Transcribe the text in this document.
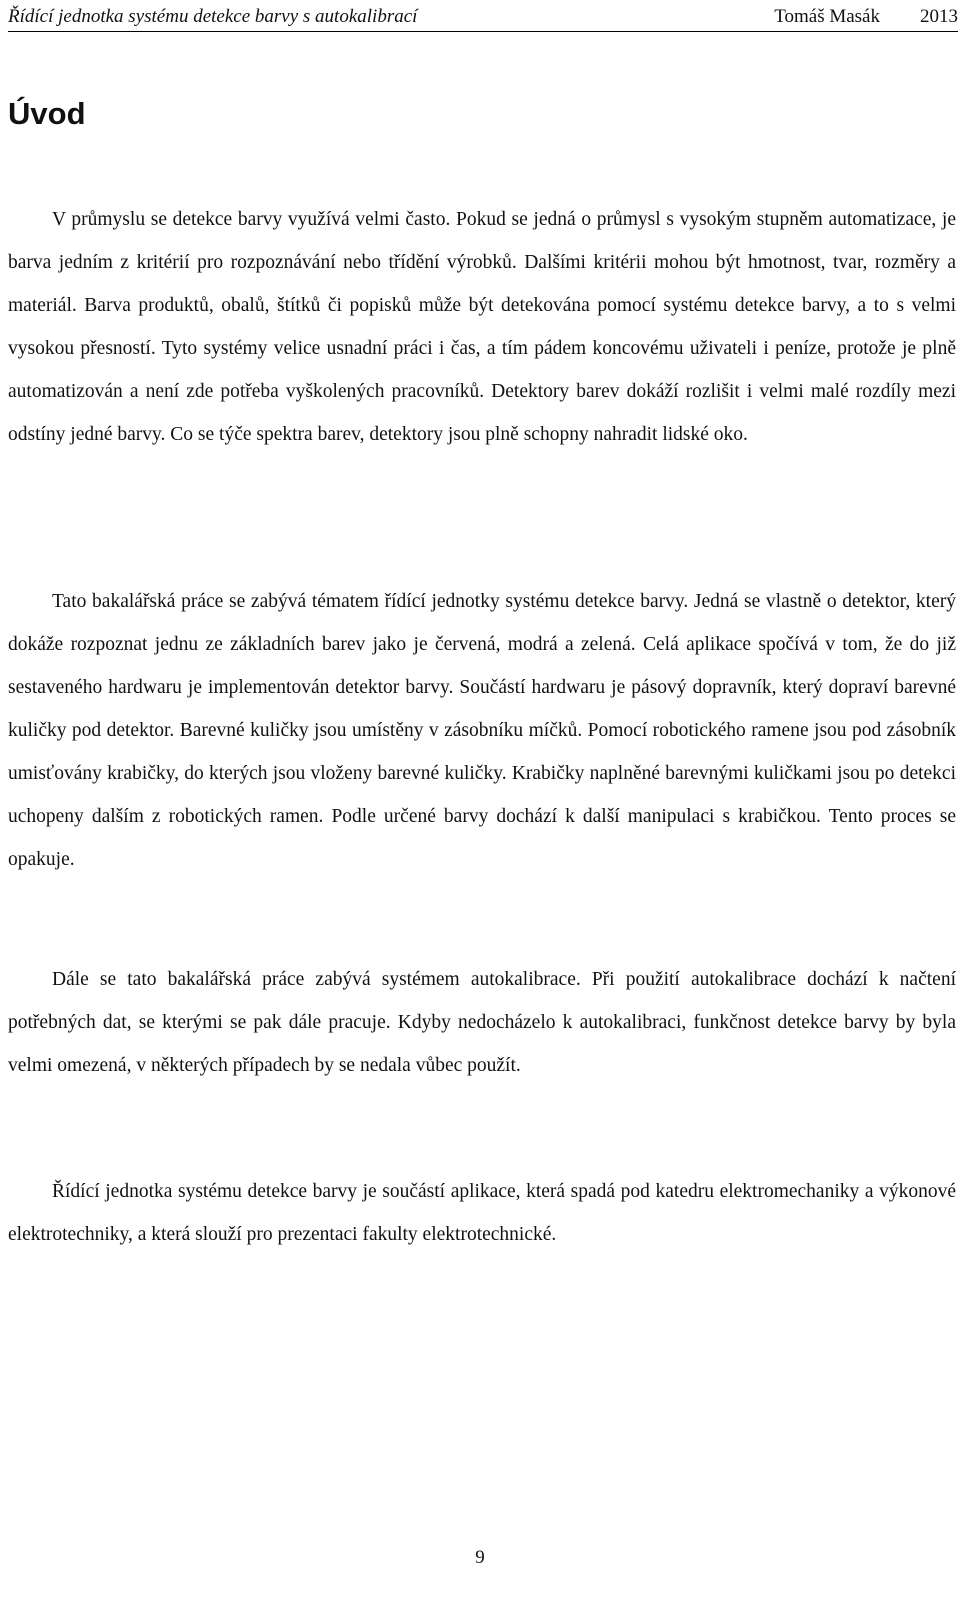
Řídící jednotka systému detekce barvy s autokalibrací	Tomáš Masák 2013
Úvod

V průmyslu se detekce barvy využívá velmi často. Pokud se jedná o průmysl s vysokým stupněm automatizace, je barva jedním z kritérií pro rozpoznávání nebo třídění výrobků. Dalšími kritérii mohou být hmotnost, tvar, rozměry a materiál. Barva produktů, obalů, štítků či popisků může být detekována pomocí systému detekce barvy, a to s velmi vysokou přesností. Tyto systémy velice usnadní práci i čas, a tím pádem koncovému uživateli i peníze, protože je plně automatizován a není zde potřeba vyškolených pracovníků. Detektory barev dokáží rozlišit i velmi malé rozdíly mezi odstíny jedné barvy. Co se týče spektra barev, detektory jsou plně schopny nahradit lidské oko.

Tato bakalářská práce se zabývá tématem řídící jednotky systému detekce barvy. Jedná se vlastně o detektor, který dokáže rozpoznat jednu ze základních barev jako je červená, modrá a zelená. Celá aplikace spočívá v tom, že do již sestaveného hardwaru je implementován detektor barvy. Součástí hardwaru je pásový dopravník, který dopraví barevné kuličky pod detektor. Barevné kuličky jsou umístěny v zásobníku míčků. Pomocí robotického ramene jsou pod zásobník umisťovány krabičky, do kterých jsou vloženy barevné kuličky. Krabičky naplněné barevnými kuličkami jsou po detekci uchopeny dalším z robotických ramen. Podle určené barvy dochází k další manipulaci s krabičkou. Tento proces se opakuje.

Dále se tato bakalářská práce zabývá systémem autokalibrace. Při použití autokalibrace dochází k načtení potřebných dat, se kterými se pak dále pracuje. Kdyby nedocházelo k autokalibraci, funkčnost detekce barvy by byla velmi omezená, v některých případech by se nedala vůbec použít.

Řídící jednotka systému detekce barvy je součástí aplikace, která spadá pod katedru elektromechaniky a výkonové elektrotechniky, a která slouží pro prezentaci fakulty elektrotechnické.

9
